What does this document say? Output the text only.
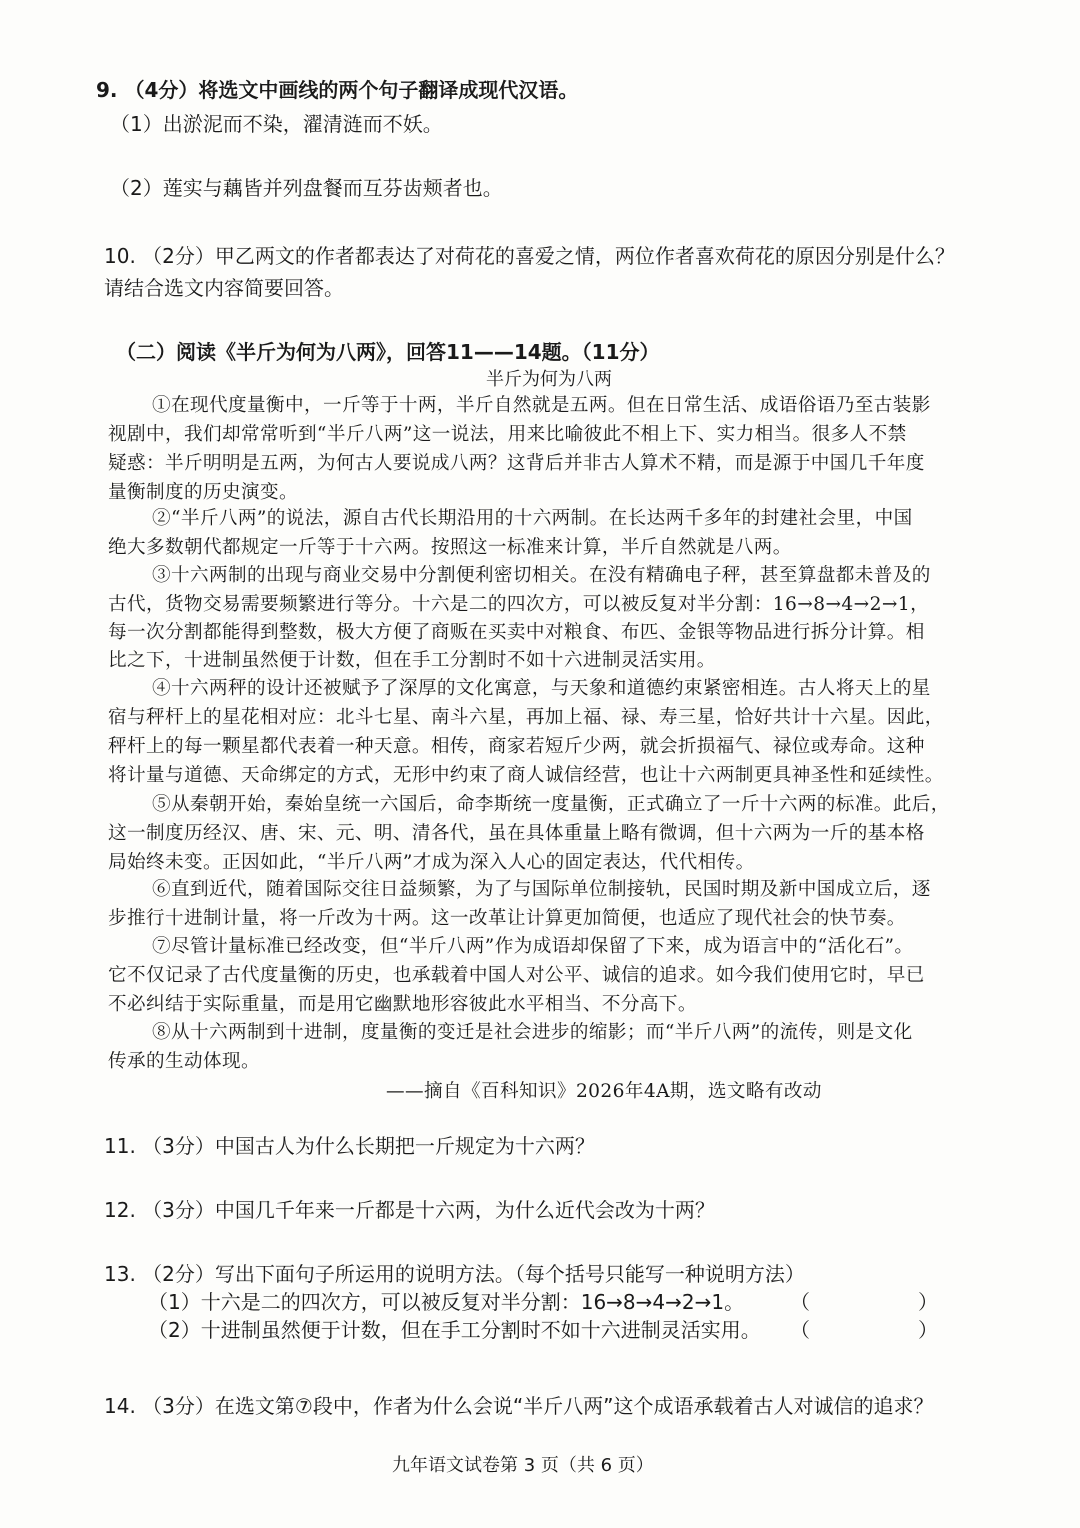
9. （4分）将选文中画线的两个句子翻译成现代汉语。
（1）出淤泥而不染，濯清涟而不妖。
（2）莲实与藕皆并列盘餐而互芬齿颊者也。
10. （2分）甲乙两文的作者都表达了对荷花的喜爱之情，两位作者喜欢荷花的原因分别是什么？
请结合选文内容简要回答。
（二）阅读《半斤为何为八两》，回答11——14题。（11分）
半斤为何为八两
①在现代度量衡中，一斤等于十两，半斤自然就是五两。但在日常生活、成语俗语乃至古装影
视剧中，我们却常常听到“半斤八两”这一说法，用来比喻彼此不相上下、实力相当。很多人不禁
疑惑：半斤明明是五两，为何古人要说成八两？这背后并非古人算术不精，而是源于中国几千年度
量衡制度的历史演变。
②“半斤八两”的说法，源自古代长期沿用的十六两制。在长达两千多年的封建社会里，中国
绝大多数朝代都规定一斤等于十六两。按照这一标准来计算，半斤自然就是八两。
③十六两制的出现与商业交易中分割便利密切相关。在没有精确电子秤，甚至算盘都未普及的
古代，货物交易需要频繁进行等分。十六是二的四次方，可以被反复对半分割：16→8→4→2→1，
每一次分割都能得到整数，极大方便了商贩在买卖中对粮食、布匹、金银等物品进行拆分计算。相
比之下，十进制虽然便于计数，但在手工分割时不如十六进制灵活实用。
④十六两秤的设计还被赋予了深厚的文化寓意，与天象和道德约束紧密相连。古人将天上的星
宿与秤杆上的星花相对应：北斗七星、南斗六星，再加上福、禄、寿三星，恰好共计十六星。因此，
秤杆上的每一颗星都代表着一种天意。相传，商家若短斤少两，就会折损福气、禄位或寿命。这种
将计量与道德、天命绑定的方式，无形中约束了商人诚信经营，也让十六两制更具神圣性和延续性。
⑤从秦朝开始，秦始皇统一六国后，命李斯统一度量衡，正式确立了一斤十六两的标准。此后，
这一制度历经汉、唐、宋、元、明、清各代，虽在具体重量上略有微调，但十六两为一斤的基本格
局始终未变。正因如此，“半斤八两”才成为深入人心的固定表达，代代相传。
⑥直到近代，随着国际交往日益频繁，为了与国际单位制接轨，民国时期及新中国成立后，逐
步推行十进制计量，将一斤改为十两。这一改革让计算更加简便，也适应了现代社会的快节奏。
⑦尽管计量标准已经改变，但“半斤八两”作为成语却保留了下来，成为语言中的“活化石”。
它不仅记录了古代度量衡的历史，也承载着中国人对公平、诚信的追求。如今我们使用它时，早已
不必纠结于实际重量，而是用它幽默地形容彼此水平相当、不分高下。
⑧从十六两制到十进制，度量衡的变迁是社会进步的缩影；而“半斤八两”的流传，则是文化
传承的生动体现。
——摘自《百科知识》2026年4A期，选文略有改动
11. （3分）中国古人为什么长期把一斤规定为十六两？
12. （3分）中国几千年来一斤都是十六两，为什么近代会改为十两？
13. （2分）写出下面句子所运用的说明方法。（每个括号只能写一种说明方法）
（1）十六是二的四次方，可以被反复对半分割：16→8→4→2→1。 （	）
（2）十进制虽然便于计数，但在手工分割时不如十六进制灵活实用。 （	）
14. （3分）在选文第⑦段中，作者为什么会说“半斤八两”这个成语承载着古人对诚信的追求？
九年语文试卷第 3 页（共 6 页）
